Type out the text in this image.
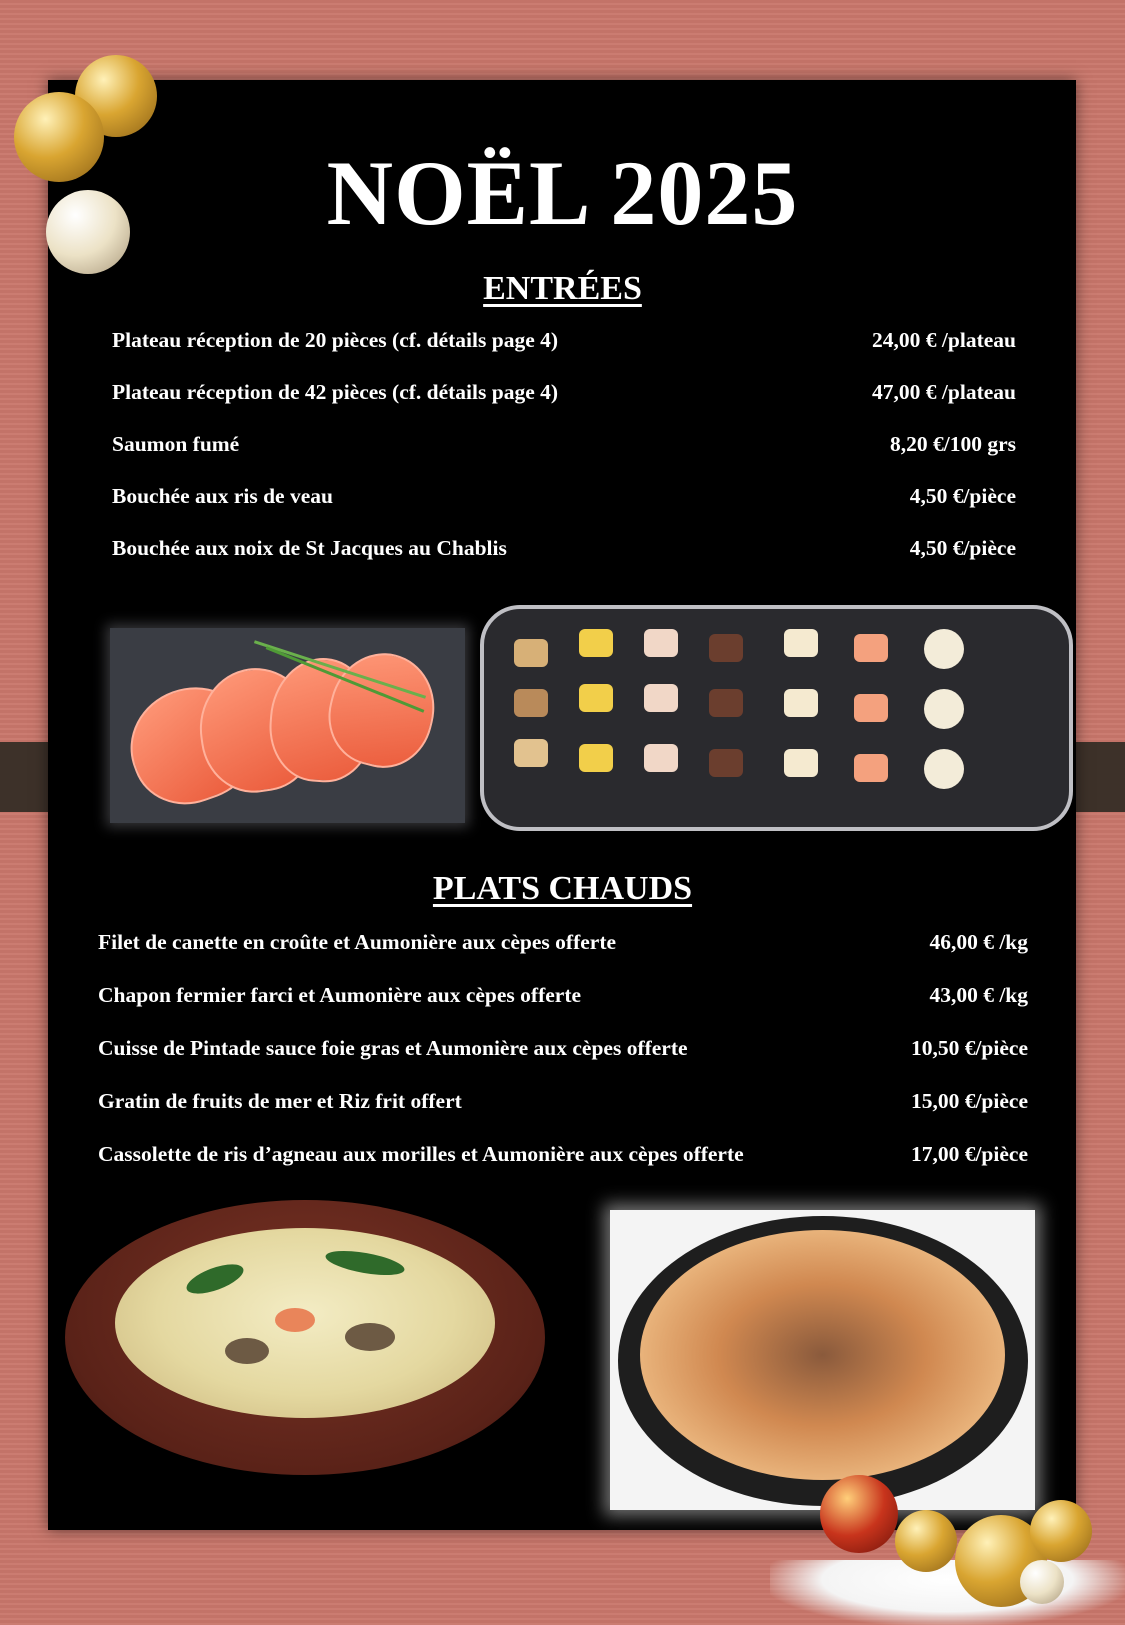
NOËL 2025
ENTRÉES
Plateau réception de 20 pièces (cf. détails page 4)	24,00 € /plateau
Plateau réception de 42 pièces (cf. détails page 4)	47,00 € /plateau
Saumon fumé	8,20 €/100 grs
Bouchée aux ris de veau	4,50 €/pièce
Bouchée aux noix de St Jacques au Chablis	4,50 €/pièce
PLATS CHAUDS
Filet de canette en croûte et Aumonière aux cèpes offerte	46,00 € /kg
Chapon fermier farci et Aumonière aux cèpes offerte	43,00 € /kg
Cuisse de Pintade sauce foie gras et Aumonière aux cèpes offerte	10,50 €/pièce
Gratin de fruits de mer et Riz frit offert	15,00 €/pièce
Cassolette de ris d’agneau aux morilles et Aumonière aux cèpes offerte	17,00 €/pièce
